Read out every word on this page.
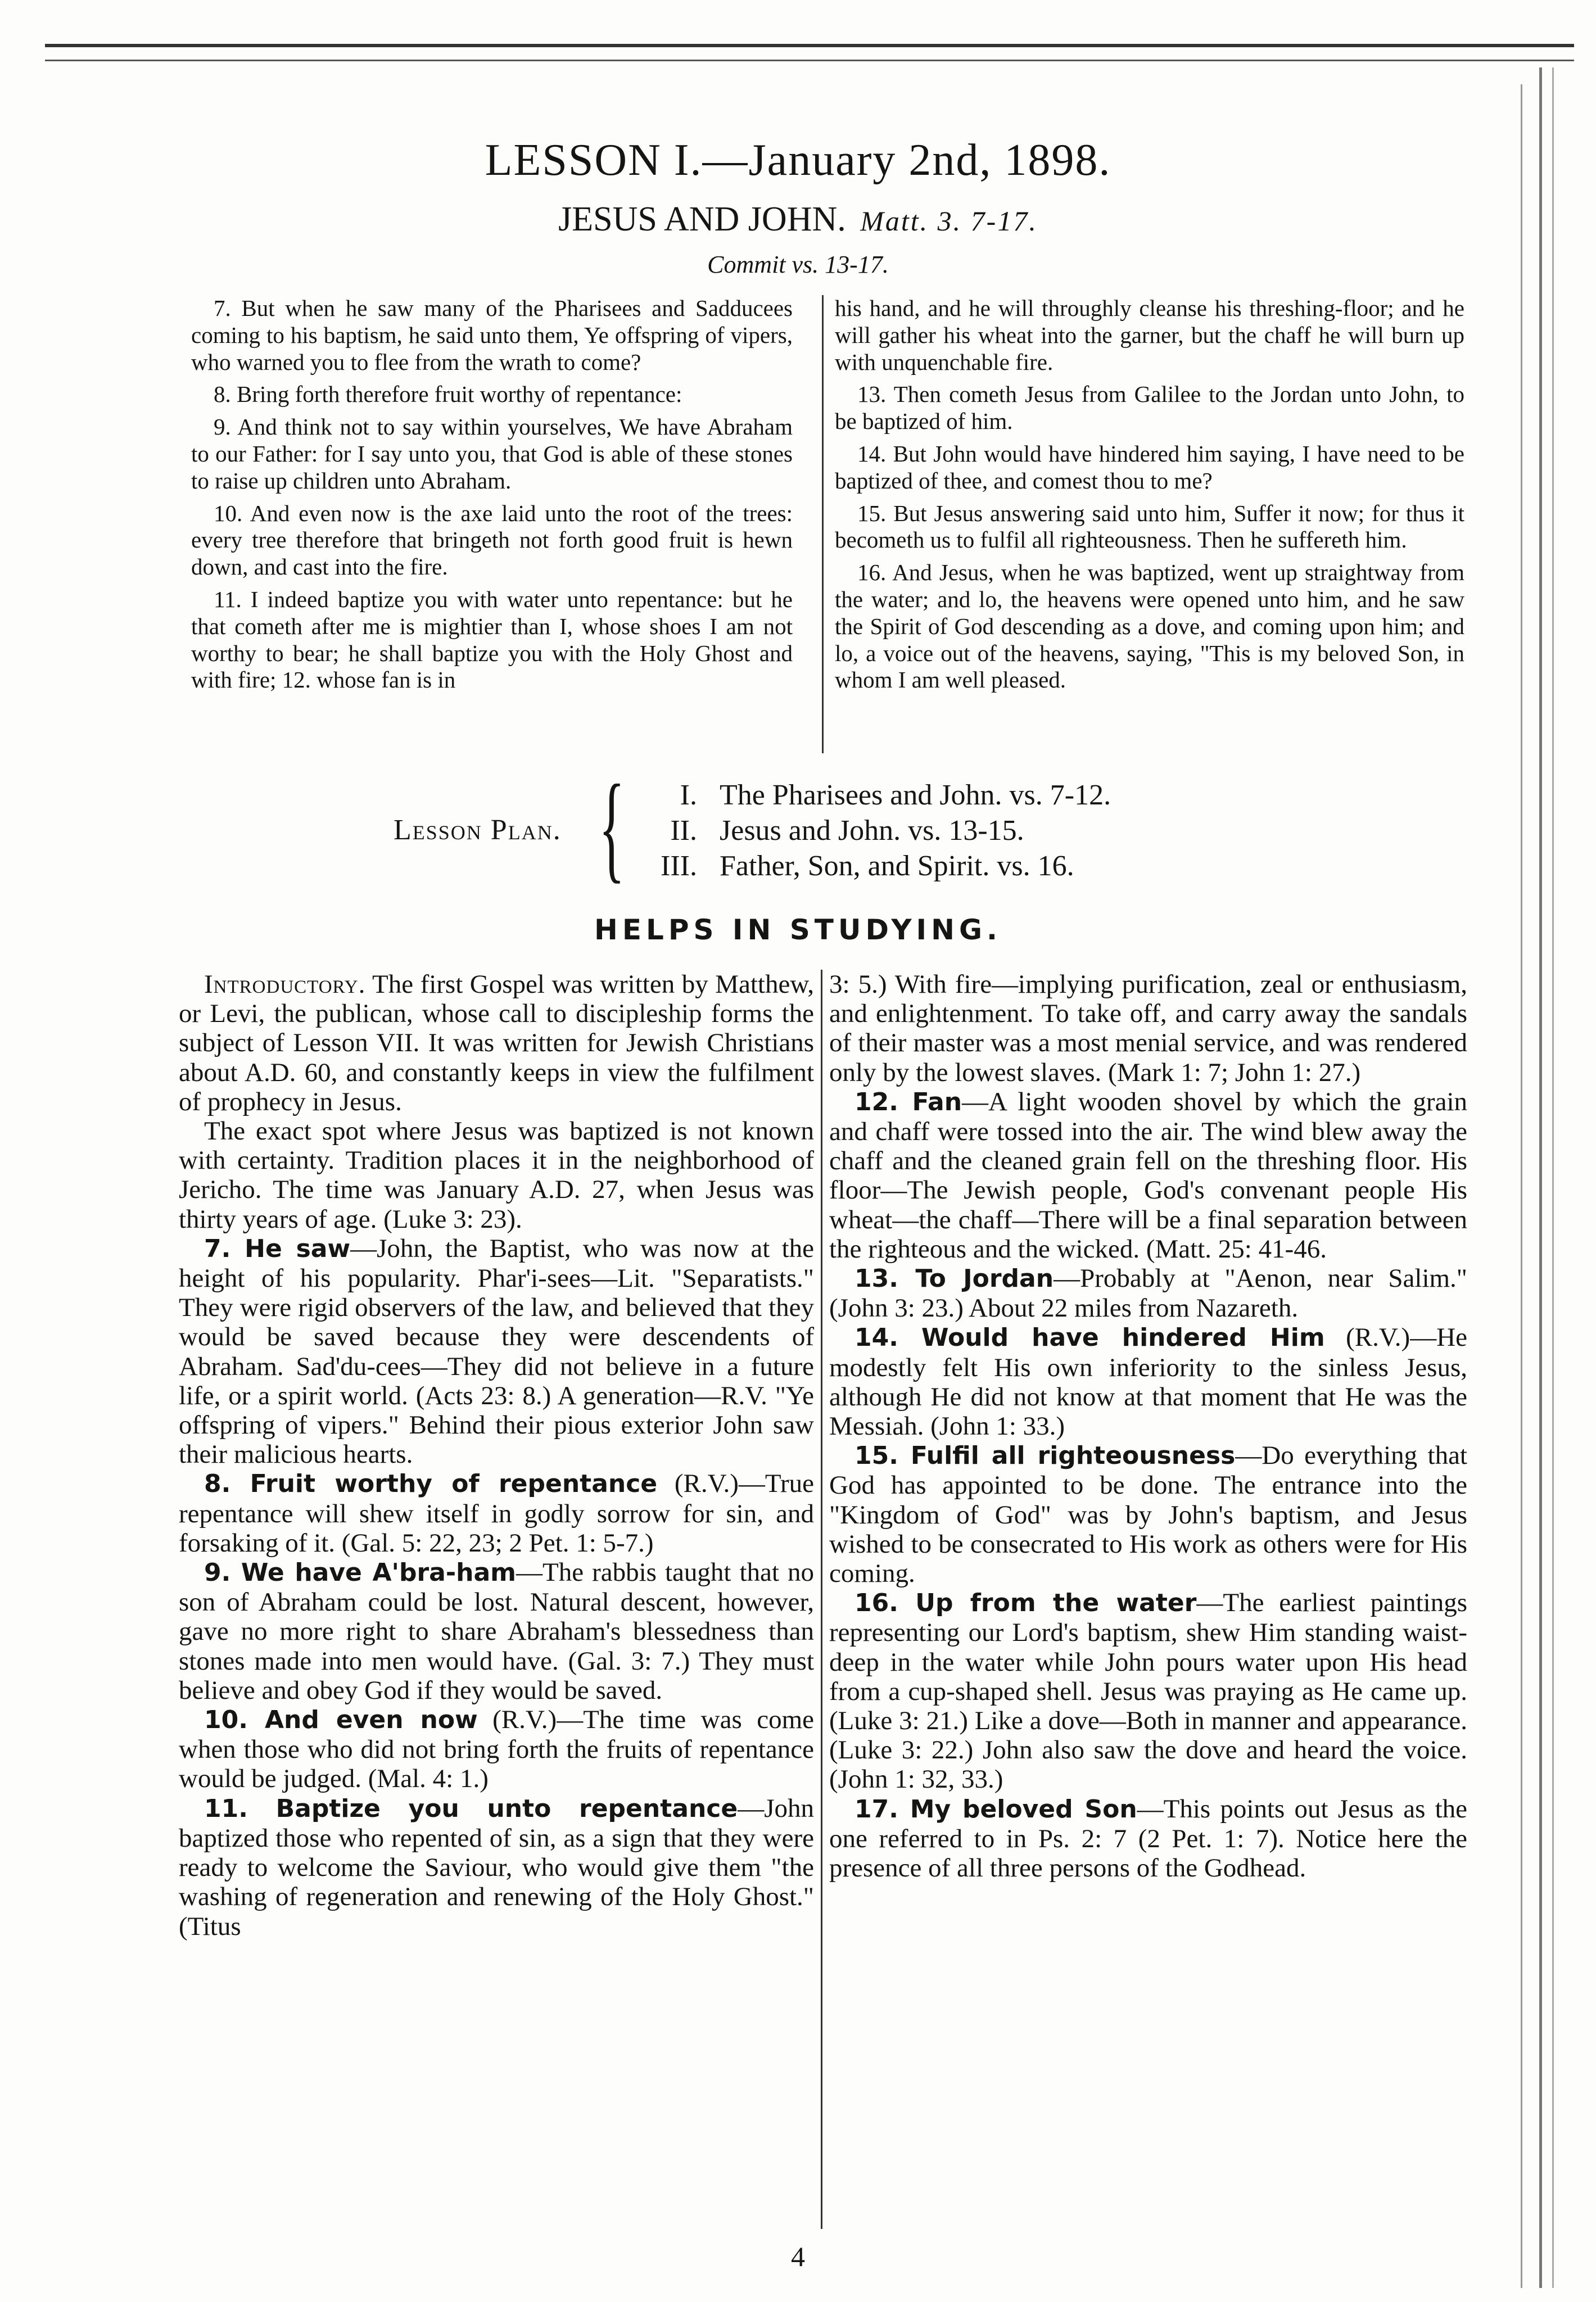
LESSON I.—January 2nd, 1898.
JESUS AND JOHN. Matt. 3. 7-17.
Commit vs. 13-17.

7. But when he saw many of the Pharisees and Sadducees coming to his baptism, he said unto them, Ye offspring of vipers, who warned you to flee from the wrath to come?

8. Bring forth therefore fruit worthy of repentance:

9. And think not to say within yourselves, We have Abraham to our Father: for I say unto you, that God is able of these stones to raise up children unto Abraham.

10. And even now is the axe laid unto the root of the trees: every tree therefore that bringeth not forth good fruit is hewn down, and cast into the fire.

11. I indeed baptize you with water unto repentance: but he that cometh after me is mightier than I, whose shoes I am not worthy to bear; he shall baptize you with the Holy Ghost and with fire; 12. whose fan is in

his hand, and he will throughly cleanse his threshing-floor; and he will gather his wheat into the garner, but the chaff he will burn up with unquenchable fire.

13. Then cometh Jesus from Galilee to the Jordan unto John, to be baptized of him.

14. But John would have hindered him saying, I have need to be baptized of thee, and comest thou to me?

15. But Jesus answering said unto him, Suffer it now; for thus it becometh us to fulfil all righteousness. Then he suffereth him.

16. And Jesus, when he was baptized, went up straightway from the water; and lo, the heavens were opened unto him, and he saw the Spirit of God descending as a dove, and coming upon him; and lo, a voice out of the heavens, saying, "This is my beloved Son, in whom I am well pleased.

Lesson Plan. {	I. The Pharisees and John. vs. 7-12.
II. Jesus and John. vs. 13-15.
III. Father, Son, and Spirit. vs. 16.
HELPS IN STUDYING.

Introductory. The first Gospel was written by Matthew, or Levi, the publican, whose call to discipleship forms the subject of Lesson VII. It was written for Jewish Christians about A.D. 60, and constantly keeps in view the fulfilment of prophecy in Jesus.

The exact spot where Jesus was baptized is not known with certainty. Tradition places it in the neighborhood of Jericho. The time was January A.D. 27, when Jesus was thirty years of age. (Luke 3: 23).

7. He saw—John, the Baptist, who was now at the height of his popularity. Phar'i-sees—Lit. "Separatists." They were rigid observers of the law, and believed that they would be saved because they were descendents of Abraham. Sad'du-cees—They did not believe in a future life, or a spirit world. (Acts 23: 8.) A generation—R.V. "Ye offspring of vipers." Behind their pious exterior John saw their malicious hearts.

8. Fruit worthy of repentance (R.V.)—True repentance will shew itself in godly sorrow for sin, and forsaking of it. (Gal. 5: 22, 23; 2 Pet. 1: 5-7.)

9. We have A'bra-ham—The rabbis taught that no son of Abraham could be lost. Natural descent, however, gave no more right to share Abraham's blessedness than stones made into men would have. (Gal. 3: 7.) They must believe and obey God if they would be saved.

10. And even now (R.V.)—The time was come when those who did not bring forth the fruits of repentance would be judged. (Mal. 4: 1.)

11. Baptize you unto repentance—John baptized those who repented of sin, as a sign that they were ready to welcome the Saviour, who would give them "the washing of regeneration and renewing of the Holy Ghost." (Titus

3: 5.) With fire—implying purification, zeal or enthusiasm, and enlightenment. To take off, and carry away the sandals of their master was a most menial service, and was rendered only by the lowest slaves. (Mark 1: 7; John 1: 27.)

12. Fan—A light wooden shovel by which the grain and chaff were tossed into the air. The wind blew away the chaff and the cleaned grain fell on the threshing floor. His floor—The Jewish people, God's convenant people His wheat—the chaff—There will be a final separation between the righteous and the wicked. (Matt. 25: 41-46.

13. To Jordan—Probably at "Aenon, near Salim." (John 3: 23.) About 22 miles from Nazareth.

14. Would have hindered Him (R.V.)—He modestly felt His own inferiority to the sinless Jesus, although He did not know at that moment that He was the Messiah. (John 1: 33.)

15. Fulfil all righteousness—Do everything that God has appointed to be done. The entrance into the "Kingdom of God" was by John's baptism, and Jesus wished to be consecrated to His work as others were for His coming.

16. Up from the water—The earliest paintings representing our Lord's baptism, shew Him standing waist-deep in the water while John pours water upon His head from a cup-shaped shell. Jesus was praying as He came up. (Luke 3: 21.) Like a dove—Both in manner and appearance. (Luke 3: 22.) John also saw the dove and heard the voice. (John 1: 32, 33.)

17. My beloved Son—This points out Jesus as the one referred to in Ps. 2: 7 (2 Pet. 1: 7). Notice here the presence of all three persons of the Godhead.

4
